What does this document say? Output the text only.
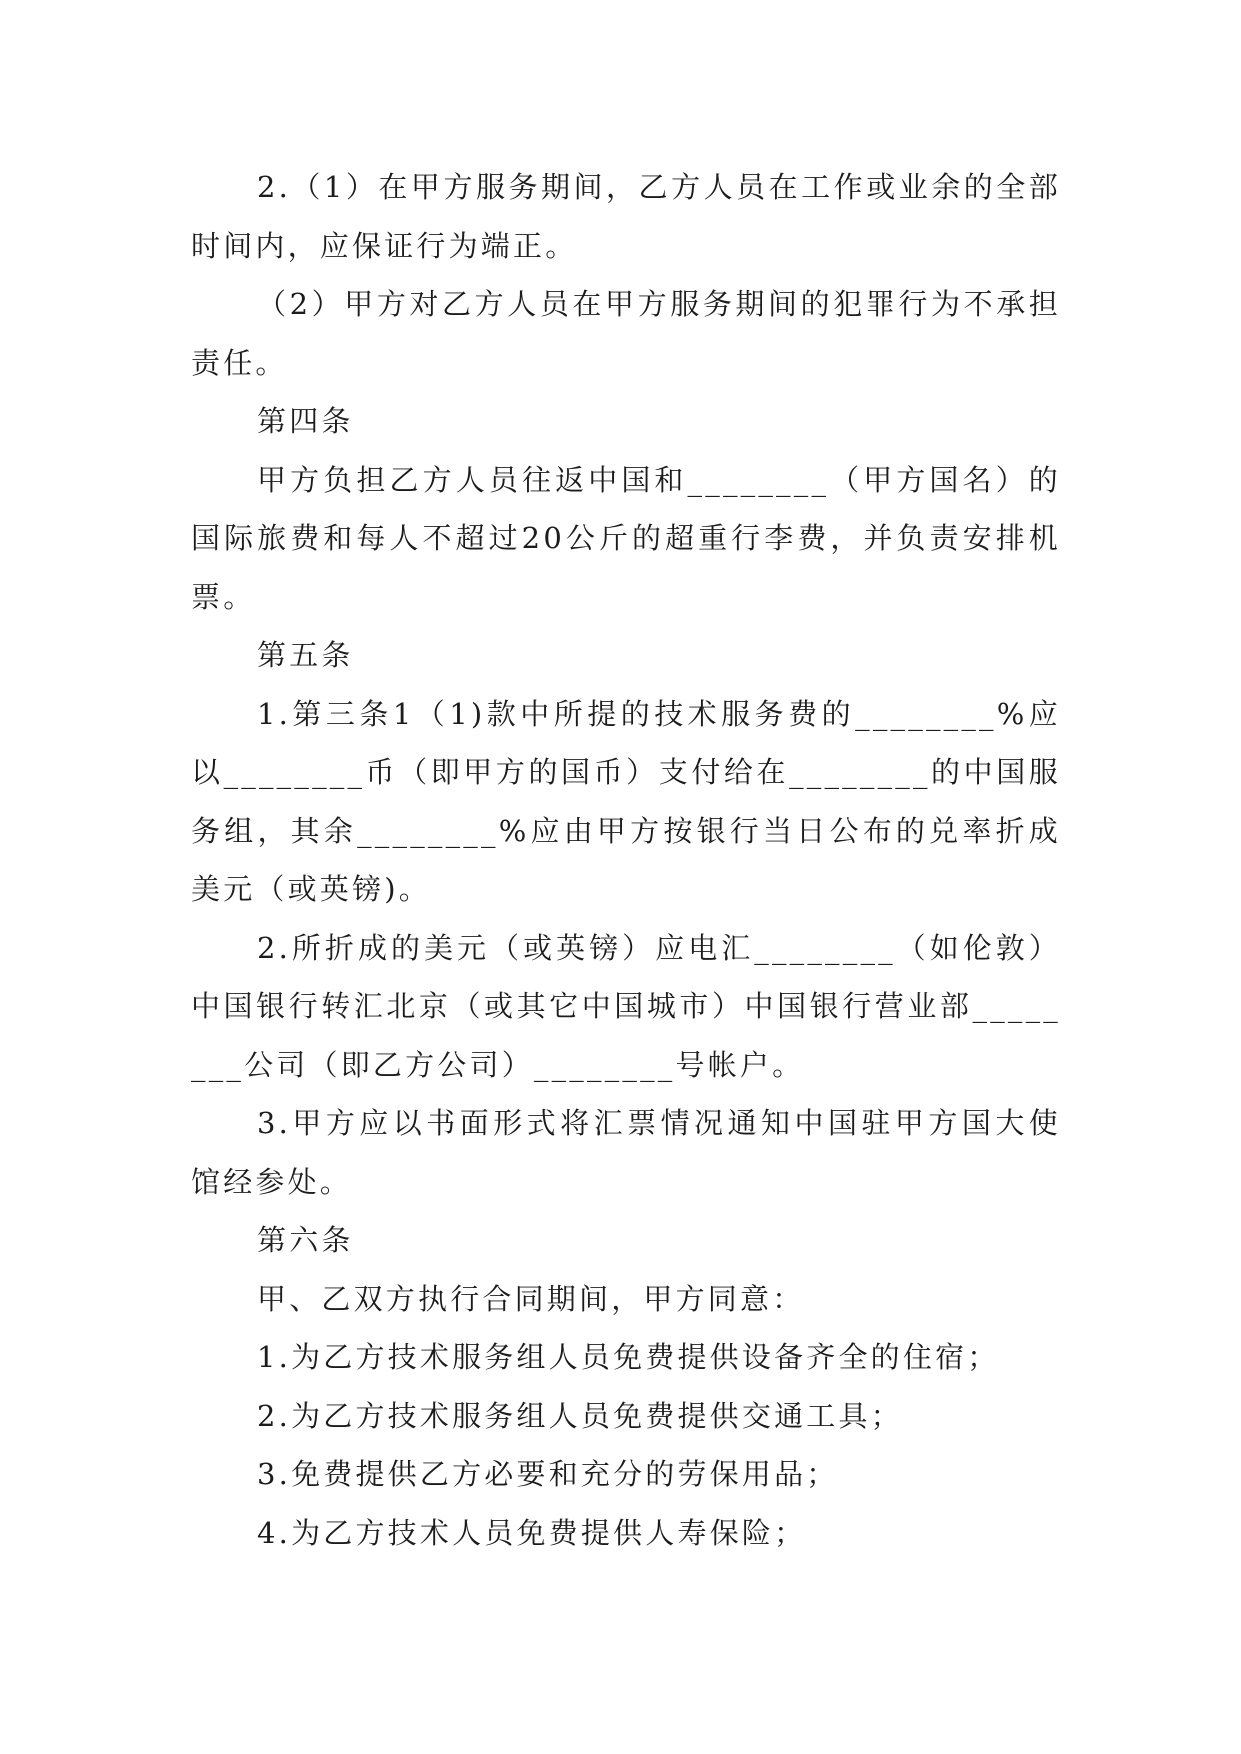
2.（1）在甲方服务期间，乙方人员在工作或业余的全部时间内，应保证行为端正。

（2）甲方对乙方人员在甲方服务期间的犯罪行为不承担责任。

第四条

甲方负担乙方人员往返中国和________（甲方国名）的国际旅费和每人不超过20公斤的超重行李费，并负责安排机票。

第五条

1.第三条1（1)款中所提的技术服务费的________%应以________币（即甲方的国币）支付给在________的中国服务组，其余________%应由甲方按银行当日公布的兑率折成美元（或英镑)。

2.所折成的美元（或英镑）应电汇________（如伦敦）中国银行转汇北京（或其它中国城市）中国银行营业部________公司（即乙方公司）________号帐户。

3.甲方应以书面形式将汇票情况通知中国驻甲方国大使馆经参处。

第六条

甲、乙双方执行合同期间，甲方同意：

1.为乙方技术服务组人员免费提供设备齐全的住宿；

2.为乙方技术服务组人员免费提供交通工具；

3.免费提供乙方必要和充分的劳保用品；

4.为乙方技术人员免费提供人寿保险；
